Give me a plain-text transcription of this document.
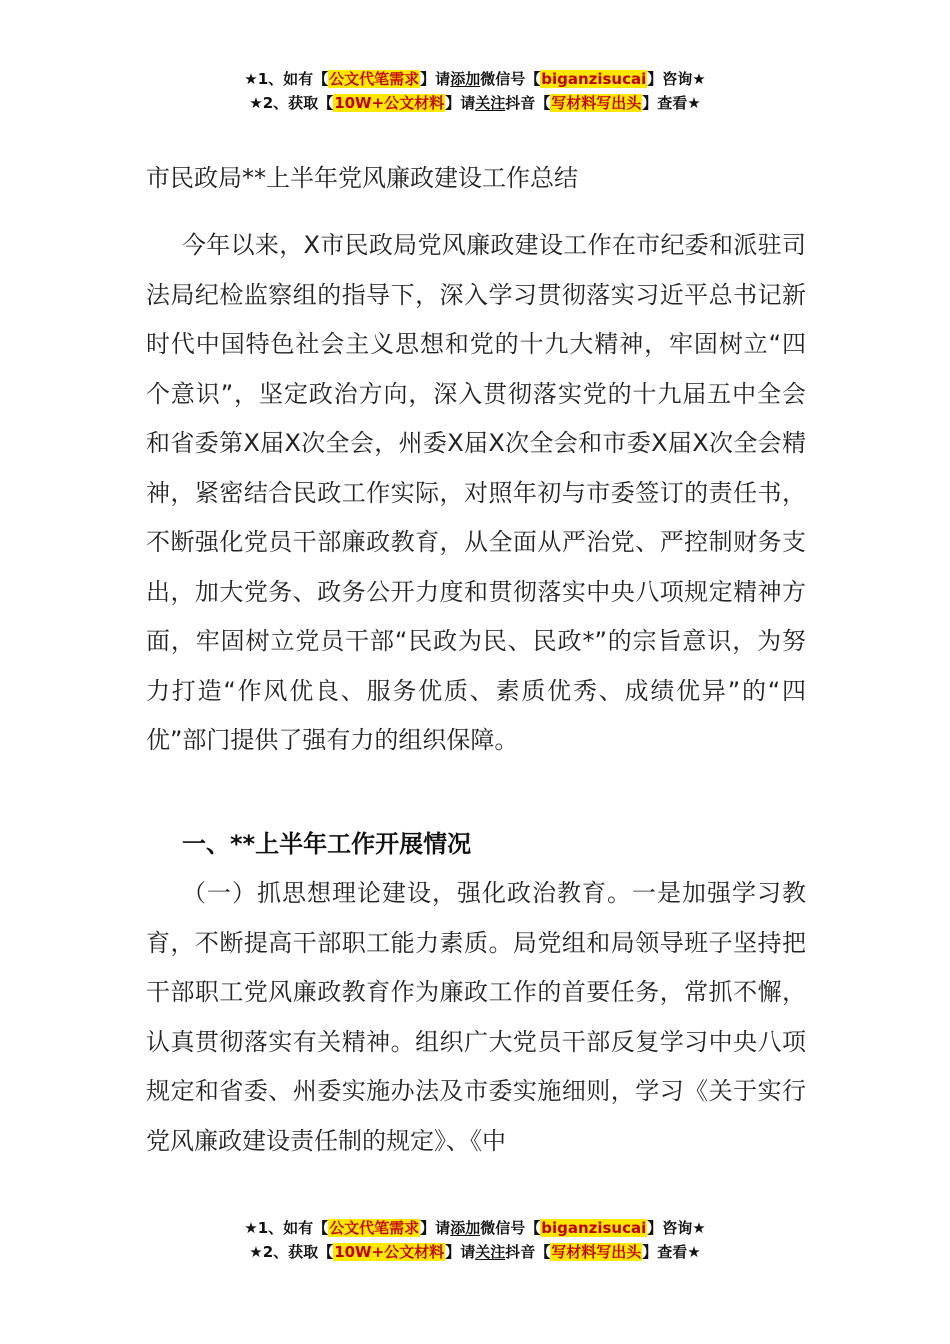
★1、如有【公文代笔需求】请添加微信号【biganzisucai】咨询★
★2、获取【10W+公文材料】请关注抖音【写材料写出头】查看★
市民政局**上半年党风廉政建设工作总结
今年以来，X市民政局党风廉政建设工作在市纪委和派驻司法局纪检监察组的指导下，深入学习贯彻落实习近平总书记新时代中国特色社会主义思想和党的十九大精神，牢固树立“四个意识”，坚定政治方向，深入贯彻落实党的十九届五中全会和省委第X届X次全会，州委X届X次全会和市委X届X次全会精神，紧密结合民政工作实际，对照年初与市委签订的责任书，不断强化党员干部廉政教育，从全面从严治党、严控制财务支出，加大党务、政务公开力度和贯彻落实中央八项规定精神方面，牢固树立党员干部“民政为民、民政*”的宗旨意识，为努力打造“作风优良、服务优质、素质优秀、成绩优异”的“四优”部门提供了强有力的组织保障。
一、**上半年工作开展情况
（一）抓思想理论建设，强化政治教育。一是加强学习教育，不断提高干部职工能力素质。局党组和局领导班子坚持把干部职工党风廉政教育作为廉政工作的首要任务，常抓不懈，认真贯彻落实有关精神。组织广大党员干部反复学习中央八项规定和省委、州委实施办法及市委实施细则，学习《关于实行党风廉政建设责任制的规定》、《中
★1、如有【公文代笔需求】请添加微信号【biganzisucai】咨询★
★2、获取【10W+公文材料】请关注抖音【写材料写出头】查看★
